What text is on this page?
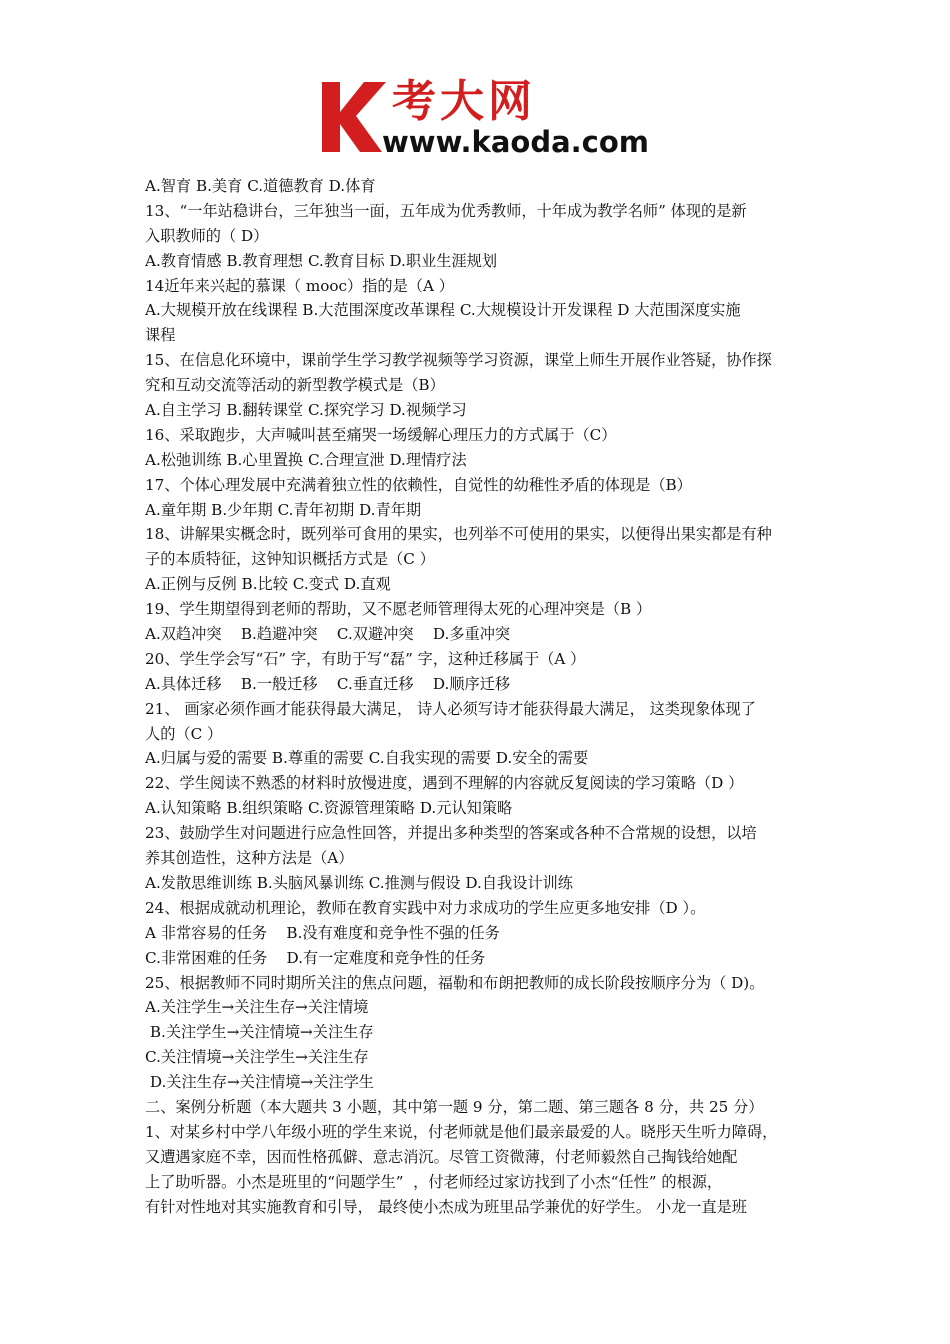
考大网
www.kaoda.com
A.智育 B.美育 C.道德教育 D.体育
13、“一年站稳讲台，三年独当一面，五年成为优秀教师，十年成为教学名师” 体现的是新
入职教师的（ D）
A.教育情感 B.教育理想 C.教育目标 D.职业生涯规划
14近年来兴起的慕课（ mooc）指的是（A ）
A.大规模开放在线课程 B.大范围深度改革课程 C.大规模设计开发课程 D 大范围深度实施
课程
15、在信息化环境中，课前学生学习教学视频等学习资源，课堂上师生开展作业答疑，协作探
究和互动交流等活动的新型教学模式是（B）
A.自主学习 B.翻转课堂 C.探究学习 D.视频学习
16、采取跑步，大声喊叫甚至痛哭一场缓解心理压力的方式属于（C）
A.松弛训练 B.心里置换 C.合理宣泄 D.理情疗法
17、个体心理发展中充满着独立性的依赖性，自觉性的幼稚性矛盾的体现是（B）
A.童年期 B.少年期 C.青年初期 D.青年期
18、讲解果实概念时，既列举可食用的果实，也列举不可使用的果实，以便得出果实都是有种
子的本质特征，这钟知识概括方式是（C ）
A.正例与反例 B.比较 C.变式 D.直观
19、学生期望得到老师的帮助，又不愿老师管理得太死的心理冲突是（B ）
A.双趋冲突    B.趋避冲突    C.双避冲突    D.多重冲突
20、学生学会写“石” 字，有助于写“磊” 字，这种迁移属于（A ）
A.具体迁移    B.一般迁移    C.垂直迁移    D.顺序迁移
21、 画家必须作画才能获得最大满足， 诗人必须写诗才能获得最大满足， 这类现象体现了
人的（C ）
A.归属与爱的需要 B.尊重的需要 C.自我实现的需要 D.安全的需要
22、学生阅读不熟悉的材料时放慢进度，遇到不理解的内容就反复阅读的学习策略（D ）
A.认知策略 B.组织策略 C.资源管理策略 D.元认知策略
23、鼓励学生对问题进行应急性回答，并提出多种类型的答案或各种不合常规的设想，以培
养其创造性，这种方法是（A）
A.发散思维训练 B.头脑风暴训练 C.推测与假设 D.自我设计训练
24、根据成就动机理论，教师在教育实践中对力求成功的学生应更多地安排（D ）。
A 非常容易的任务    B.没有难度和竞争性不强的任务
C.非常困难的任务    D.有一定难度和竞争性的任务
25、根据教师不同时期所关注的焦点问题，福勒和布朗把教师的成长阶段按顺序分为（ D)。
A.关注学生→关注生存→关注情境
B.关注学生→关注情境→关注生存
C.关注情境→关注学生→关注生存
D.关注生存→关注情境→关注学生
二、案例分析题（本大题共 3 小题，其中第一题 9 分，第二题、第三题各 8 分，共 25 分）
1、对某乡村中学八年级小班的学生来说，付老师就是他们最亲最爱的人。晓彤天生听力障碍，
又遭遇家庭不幸，因而性格孤僻、意志消沉。尽管工资微薄，付老师毅然自己掏钱给她配
上了助听器。小杰是班里的“问题学生”  ，付老师经过家访找到了小杰“任性” 的根源，
有针对性地对其实施教育和引导， 最终使小杰成为班里品学兼优的好学生。 小龙一直是班
